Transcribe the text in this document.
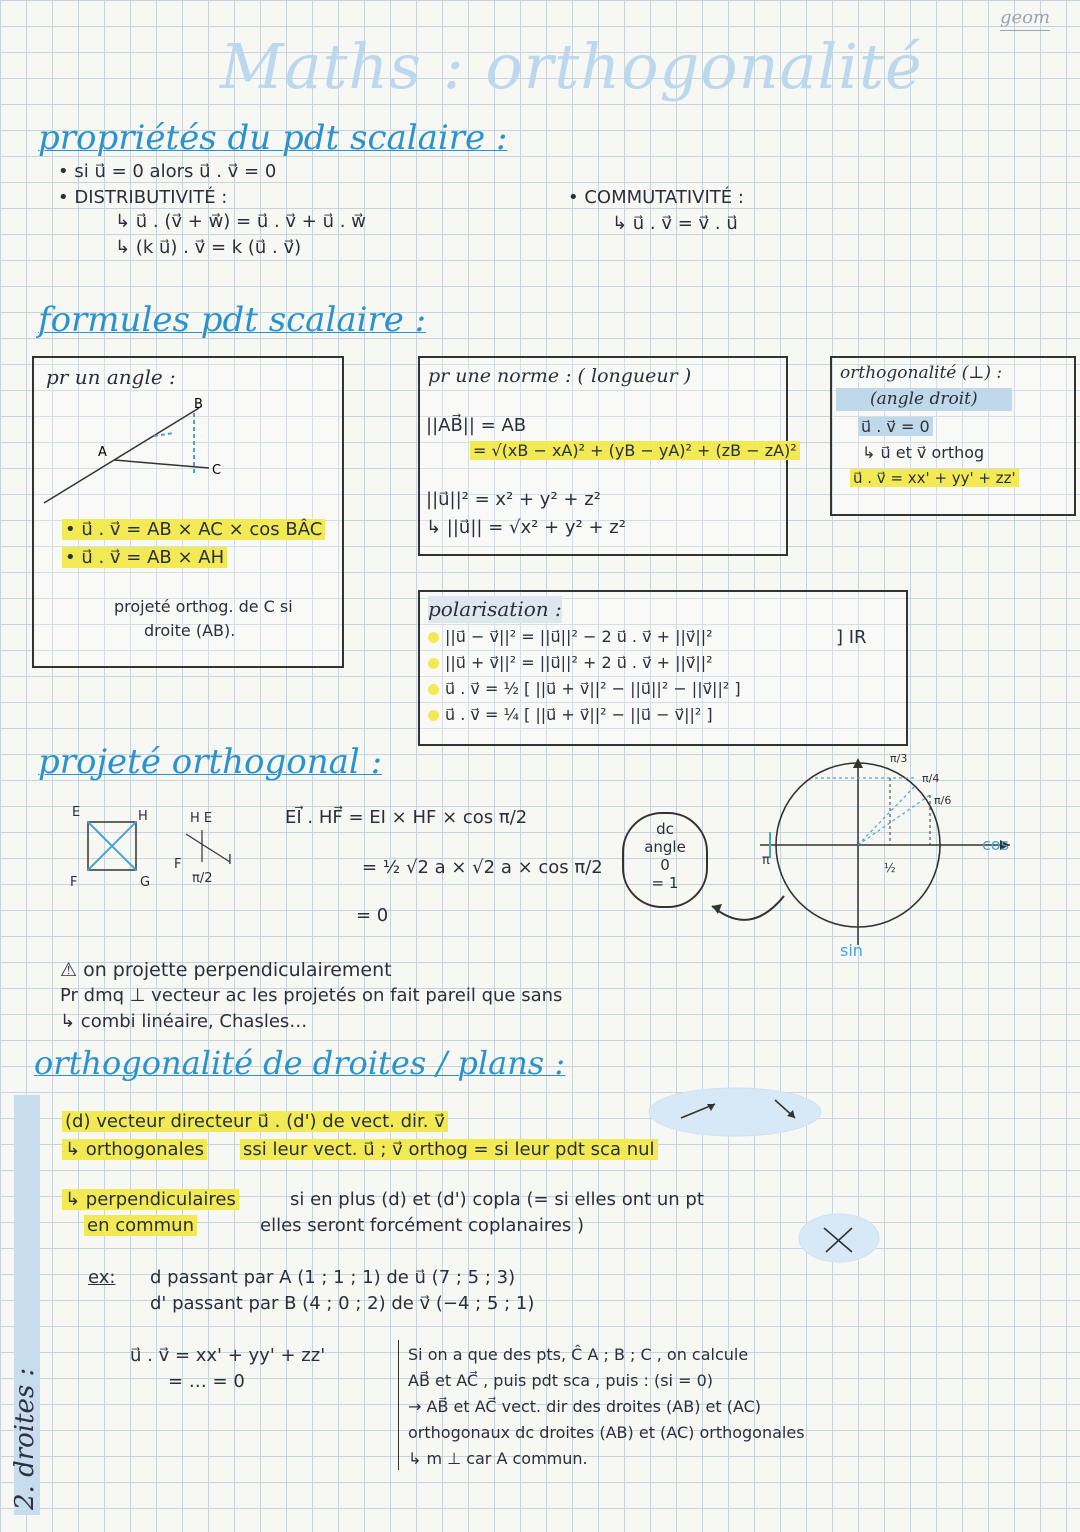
geom
Maths : orthogonalité
propriétés du pdt scalaire :
• si u⃗ = 0 alors u⃗ . v⃗ = 0
• DISTRIBUTIVITÉ :
↳ u⃗ . (v⃗ + w⃗) = u⃗ . v⃗ + u⃗ . w⃗
↳ (k u⃗) . v⃗ = k (u⃗ . v⃗)
• COMMUTATIVITÉ :
↳ u⃗ . v⃗ = v⃗ . u⃗
formules pdt scalaire :
pr un angle :
B
A
C
• u⃗ . v⃗ = AB × AC × cos BÂC
• u⃗ . v⃗ = AB × AH
projeté orthog. de C si
droite (AB).
pr une norme : ( longueur )
||AB⃗|| = AB
= √(xB − xA)² + (yB − yA)² + (zB − zA)²
||u⃗||² = x² + y² + z²
↳ ||u⃗|| = √x² + y² + z²
orthogonalité (⊥) :
(angle droit)
u⃗ . v⃗ = 0
↳ u⃗ et v⃗ orthog
u⃗ . v⃗ = xx' + yy' + zz'
polarisation :
||u⃗ − v⃗||² = ||u⃗||² − 2 u⃗ . v⃗ + ||v⃗||²
||u⃗ + v⃗||² = ||u⃗||² + 2 u⃗ . v⃗ + ||v⃗||²
u⃗ . v⃗ = ½ [ ||u⃗ + v⃗||² − ||u⃗||² − ||v⃗||² ]
u⃗ . v⃗ = ¼ [ ||u⃗ + v⃗||² − ||u⃗ − v⃗||² ]
] IR
projeté orthogonal :
E	H
F	G
H E
F	I
π/2
EI⃗ . HF⃗ = EI × HF × cos π/2
= ½ √2 a × √2 a × cos π/2
= 0
dc
angle
0
= 1
cos
sin
π
π/3
π/4
π/6
½
⚠ on projette perpendiculairement
Pr dmq ⊥ vecteur ac les projetés on fait pareil que sans
↳ combi linéaire, Chasles…
orthogonalité de droites / plans :
(d) vecteur directeur u⃗ . (d') de vect. dir. v⃗
↳ orthogonales ssi leur vect. u⃗ ; v⃗ orthog = si leur pdt sca nul
↳ perpendiculaires	si en plus (d) et (d') copla (= si elles ont un pt
en commun	elles seront forcément coplanaires )
ex: d passant par A (1 ; 1 ; 1) de u⃗ (7 ; 5 ; 3)
d' passant par B (4 ; 0 ; 2) de v⃗ (−4 ; 5 ; 1)
u⃗ . v⃗ = xx' + yy' + zz'
= … = 0
Si on a que des pts, Ĉ A ; B ; C , on calcule
AB⃗ et AC⃗ , puis pdt sca , puis : (si = 0)
→ AB⃗ et AC⃗ vect. dir des droites (AB) et (AC)
orthogonaux dc droites (AB) et (AC) orthogonales
↳ m ⊥ car A commun.
2. droites :
